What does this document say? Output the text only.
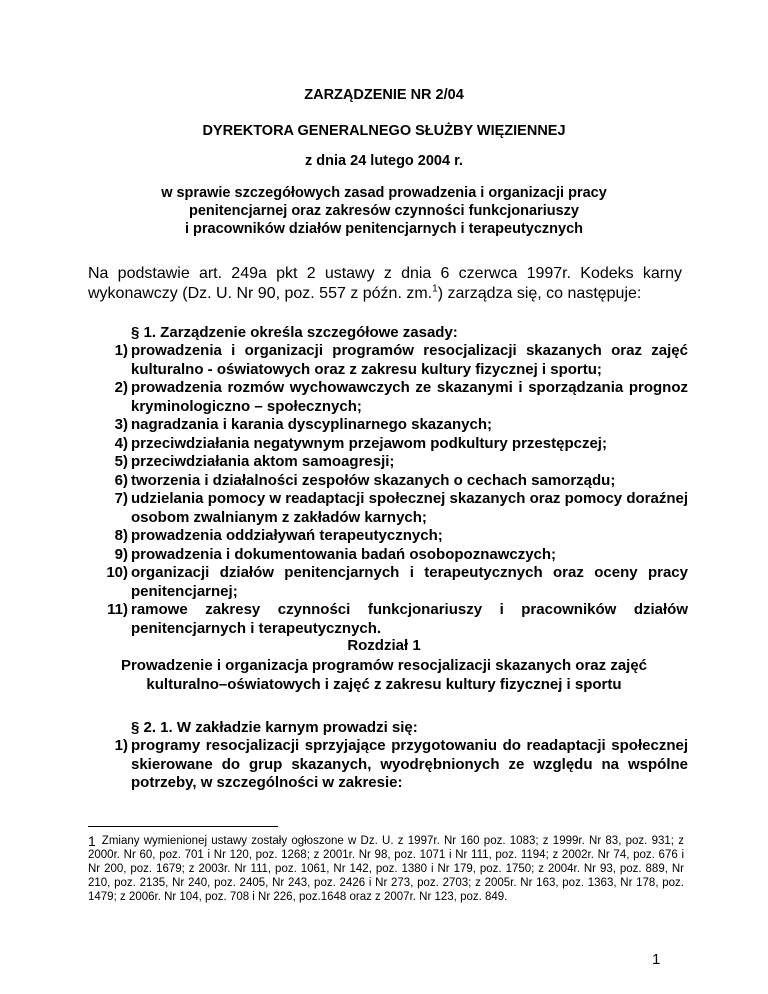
ZARZĄDZENIE NR 2/04
DYREKTORA GENERALNEGO SŁUŻBY WIĘZIENNEJ
z dnia 24 lutego 2004 r.
w sprawie szczegółowych zasad prowadzenia i organizacji pracy
penitencjarnej oraz zakresów czynności funkcjonariuszy
i pracowników działów penitencjarnych i terapeutycznych
Na podstawie art. 249a pkt 2 ustawy z dnia 6 czerwca 1997r. Kodeks karny wykonawczy (Dz. U. Nr 90, poz. 557 z późn. zm.$^1$) zarządza się, co następuje:
§ 1. Zarządzenie określa szczegółowe zasady:
1) prowadzenia i organizacji programów resocjalizacji skazanych oraz zajęć kulturalno - oświatowych oraz z zakresu kultury fizycznej i sportu;
2) prowadzenia rozmów wychowawczych ze skazanymi i sporządzania prognoz kryminologiczno – społecznych;
3) nagradzania i karania dyscyplinarnego skazanych;
4) przeciwdziałania negatywnym przejawom podkultury przestępczej;
5) przeciwdziałania aktom samoagresji;
6) tworzenia i działalności zespołów skazanych o cechach samorządu;
7) udzielania pomocy w readaptacji społecznej skazanych oraz pomocy doraźnej osobom zwalnianym z zakładów karnych;
8) prowadzenia oddziaływań terapeutycznych;
9) prowadzenia i dokumentowania badań osobopoznawczych;
10) organizacji działów penitencjarnych i terapeutycznych oraz oceny pracy penitencjarnej;
11) ramowe zakresy czynności funkcjonariuszy i pracowników działów penitencjarnych i terapeutycznych.
Rozdział 1
Prowadzenie i organizacja programów resocjalizacji skazanych oraz zajęć
kulturalno–oświatowych i zajęć z zakresu kultury fizycznej i sportu
§ 2. 1. W zakładzie karnym prowadzi się:
1) programy resocjalizacji sprzyjające przygotowaniu do readaptacji społecznej skierowane do grup skazanych, wyodrębnionych ze względu na wspólne potrzeby, w szczególności w zakresie:
1 Zmiany wymienionej ustawy zostały ogłoszone w Dz. U. z 1997r. Nr 160 poz. 1083; z 1999r. Nr 83, poz. 931; z 2000r. Nr 60, poz. 701 i Nr 120, poz. 1268; z 2001r. Nr 98, poz. 1071 i Nr 111, poz. 1194; z 2002r. Nr 74, poz. 676 i Nr 200, poz. 1679; z 2003r. Nr 111, poz. 1061, Nr 142, poz. 1380 i Nr 179, poz. 1750; z 2004r. Nr 93, poz. 889, Nr 210, poz. 2135, Nr 240, poz. 2405, Nr 243, poz. 2426 i Nr 273, poz. 2703; z 2005r. Nr 163, poz. 1363, Nr 178, poz. 1479; z 2006r. Nr 104, poz. 708 i Nr 226, poz.1648 oraz z 2007r. Nr 123, poz. 849.
1
